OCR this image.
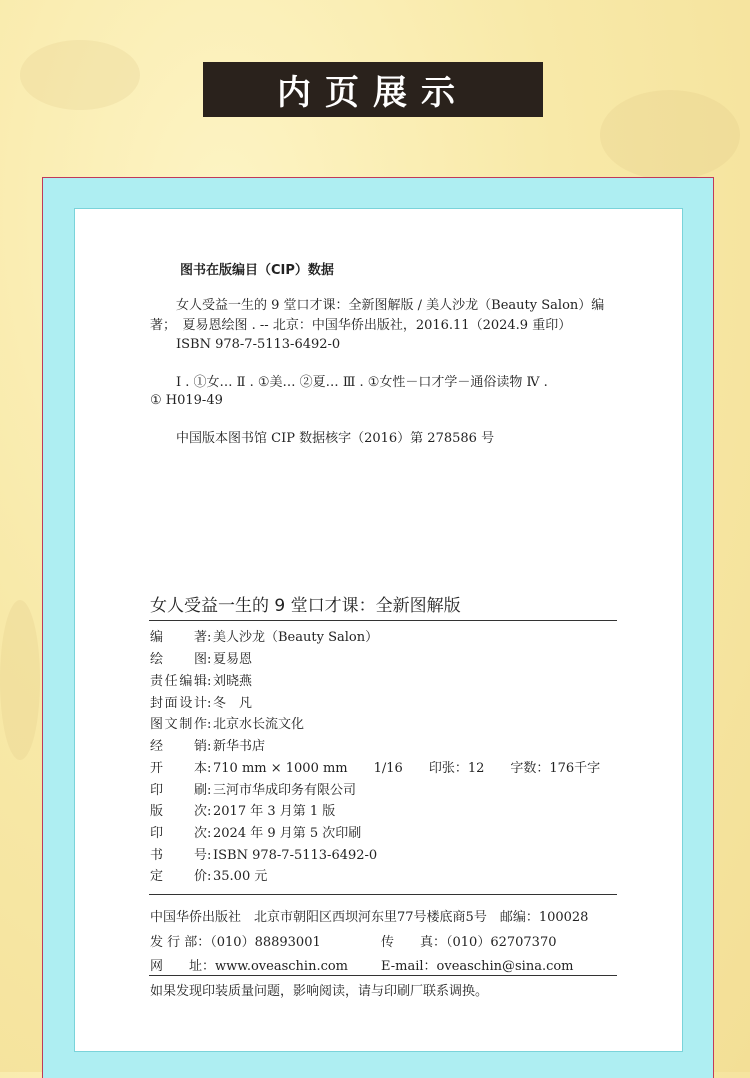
内页展示
图书在版编目（CIP）数据
　　女人受益一生的 9 堂口才课：全新图解版 / 美人沙龙（Beauty Salon）编
著；　夏易恩绘图 . -- 北京：中国华侨出版社，2016.11（2024.9 重印）
　　ISBN 978-7-5113-6492-0
　　Ⅰ . ①女… Ⅱ . ①美… ②夏… Ⅲ . ①女性－口才学－通俗读物 Ⅳ .
① H019-49
　　中国版本图书馆 CIP 数据核字（2016）第 278586 号
女人受益一生的 9 堂口才课：全新图解版
编著: 美人沙龙（Beauty Salon）
绘图: 夏易恩
责任编辑: 刘晓燕
封面设计: 冬　凡
图文制作: 北京水长流文化
经销: 新华书店
开本: 710 mm × 1000 mm　　1/16　　印张：12　　字数：176千字
印刷: 三河市华成印务有限公司
版次: 2017 年 3 月第 1 版
印次: 2024 年 9 月第 5 次印刷
书号: ISBN 978-7-5113-6492-0
定价: 35.00 元
中国华侨出版社　北京市朝阳区西坝河东里77号楼底商5号　邮编：100028
发 行 部：（010）88893001	传　　真：（010）62707370
网　　址：www.oveaschin.com	E-mail：oveaschin@sina.com
如果发现印装质量问题，影响阅读，请与印刷厂联系调换。
